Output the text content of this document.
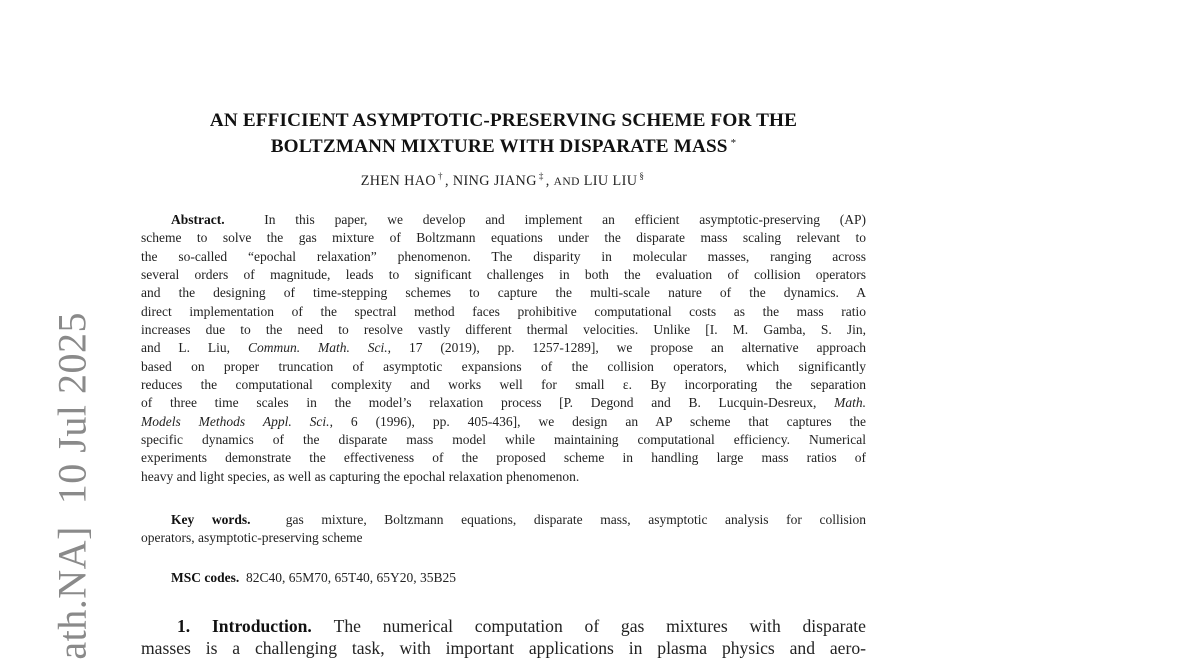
ath.NA]10 Jul 2025
AN EFFICIENT ASYMPTOTIC-PRESERVING SCHEME FOR THE
BOLTZMANN MIXTURE WITH DISPARATE MASS *
ZHEN HAO † , NING JIANG ‡ , AND LIU LIU §
Abstract.	In this paper, we develop and implement an efficient asymptotic-preserving (AP)
scheme to solve the gas mixture of Boltzmann equations under the disparate mass scaling relevant to
the so-called “epochal relaxation” phenomenon. The disparity in molecular masses, ranging across
several orders of magnitude, leads to significant challenges in both the evaluation of collision operators
and the designing of time-stepping schemes to capture the multi-scale nature of the dynamics. A
direct implementation of the spectral method faces prohibitive computational costs as the mass ratio
increases due to the need to resolve vastly different thermal velocities. Unlike [I. M. Gamba, S. Jin,
and L. Liu, Commun. Math. Sci., 17 (2019), pp. 1257-1289], we propose an alternative approach
based on proper truncation of asymptotic expansions of the collision operators, which significantly
reduces the computational complexity and works well for small ε. By incorporating the separation
of three time scales in the model’s relaxation process [P. Degond and B. Lucquin-Desreux, Math.
Models Methods Appl. Sci., 6 (1996), pp. 405-436], we design an AP scheme that captures the
specific dynamics of the disparate mass model while maintaining computational efficiency. Numerical
experiments demonstrate the effectiveness of the proposed scheme in handling large mass ratios of
heavy and light species, as well as capturing the epochal relaxation phenomenon.
Key words.	gas mixture, Boltzmann equations, disparate mass, asymptotic analysis for collision
operators, asymptotic-preserving scheme
MSC codes. 82C40, 65M70, 65T40, 65Y20, 35B25
1. Introduction. The numerical computation of gas mixtures with disparate
masses is a challenging task, with important applications in plasma physics and aero-
